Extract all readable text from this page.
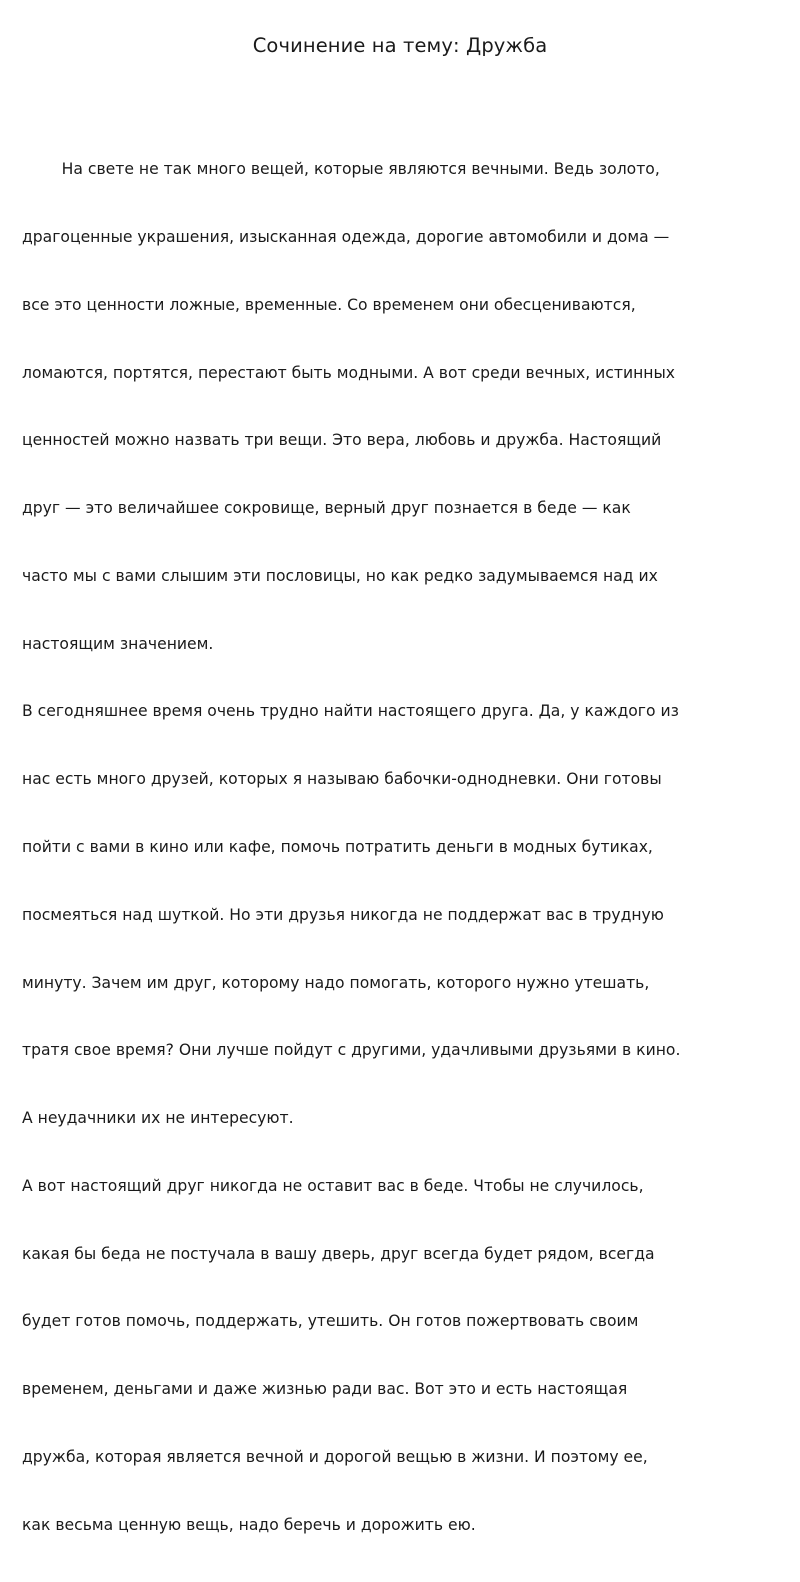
Сочинение на тему: Дружба

На свете не так много вещей, которые являются вечными. Ведь золото,

драгоценные украшения, изысканная одежда, дорогие автомобили и дома —

все это ценности ложные, временные. Со временем они обесцениваются,

ломаются, портятся, перестают быть модными. А вот среди вечных, истинных

ценностей можно назвать три вещи. Это вера, любовь и дружба. Настоящий

друг — это величайшее сокровище, верный друг познается в беде — как

часто мы с вами слышим эти пословицы, но как редко задумываемся над их

настоящим значением.

В сегодняшнее время очень трудно найти настоящего друга. Да, у каждого из

нас есть много друзей, которых я называю бабочки-однодневки. Они готовы

пойти с вами в кино или кафе, помочь потратить деньги в модных бутиках,

посмеяться над шуткой. Но эти друзья никогда не поддержат вас в трудную

минуту. Зачем им друг, которому надо помогать, которого нужно утешать,

тратя свое время? Они лучше пойдут с другими, удачливыми друзьями в кино.

А неудачники их не интересуют.

А вот настоящий друг никогда не оставит вас в беде. Чтобы не случилось,

какая бы беда не постучала в вашу дверь, друг всегда будет рядом, всегда

будет готов помочь, поддержать, утешить. Он готов пожертвовать своим

временем, деньгами и даже жизнью ради вас. Вот это и есть настоящая

дружба, которая является вечной и дорогой вещью в жизни. И поэтому ее,

как весьма ценную вещь, надо беречь и дорожить ею.
